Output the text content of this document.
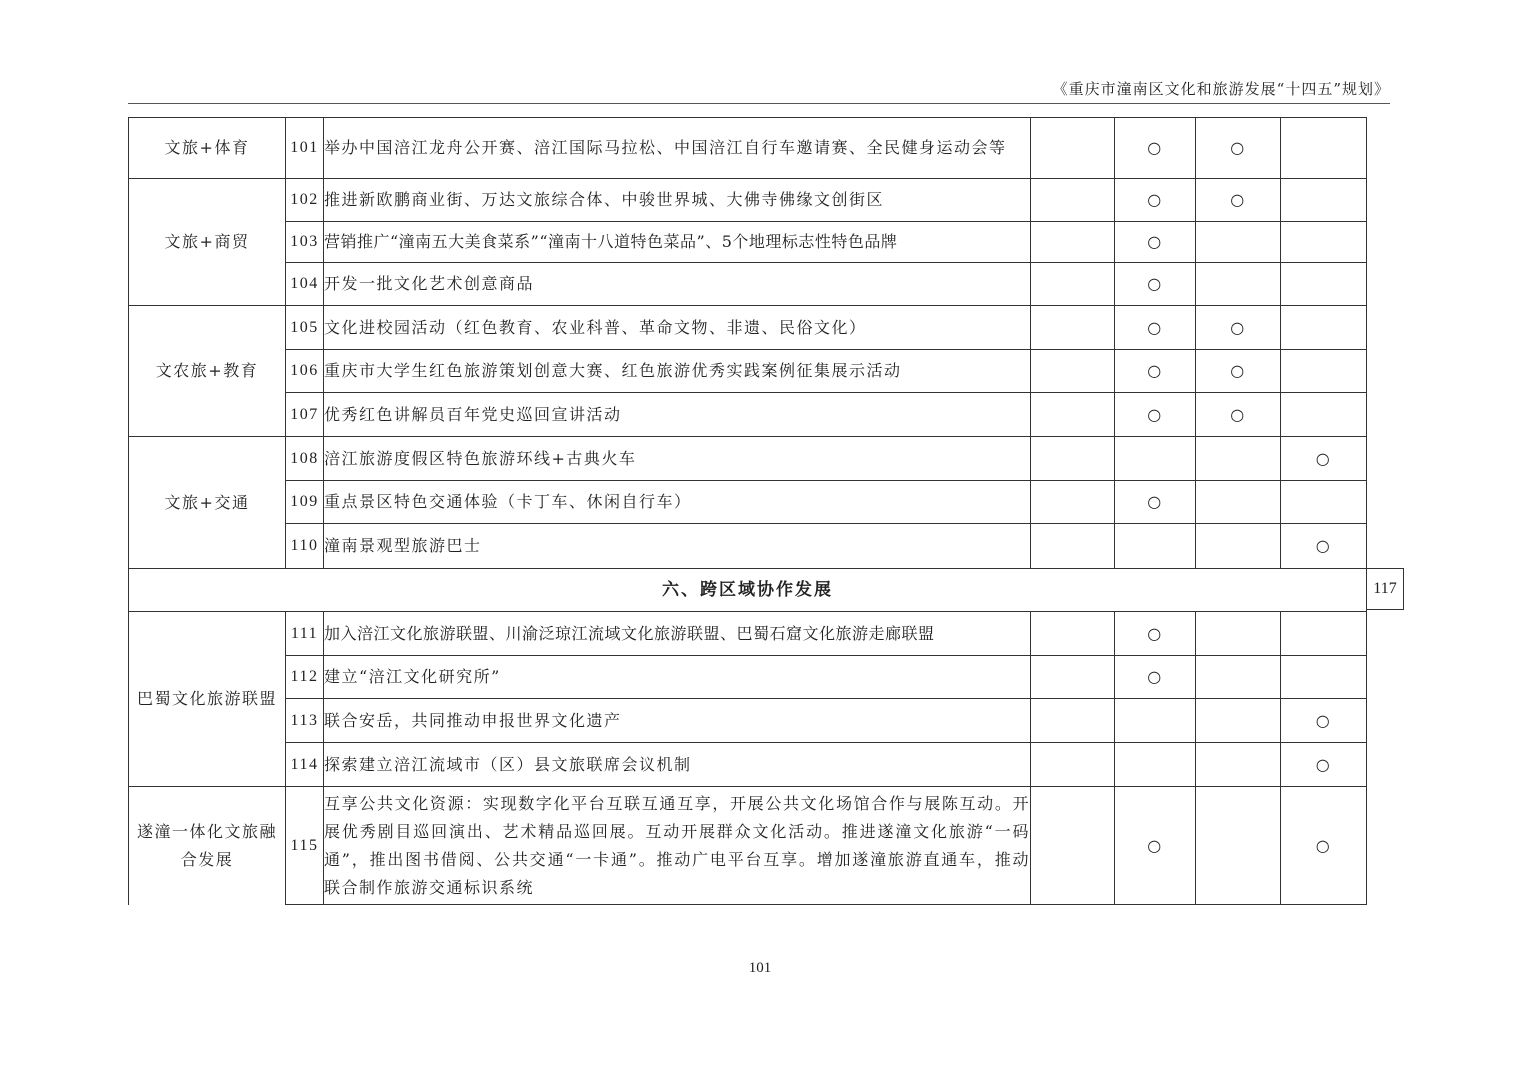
《重庆市潼南区文化和旅游发展“十四五”规划》
文旅+体育	101	举办中国涪江龙舟公开赛、涪江国际马拉松、中国涪江自行车邀请赛、全民健身运动会等		○	○	
文旅+商贸	102	推进新欧鹏商业街、万达文旅综合体、中骏世界城、大佛寺佛缘文创街区		○	○	
	103	营销推广“潼南五大美食菜系”“潼南十八道特色菜品”、5个地理标志性特色品牌		○		
	104	开发一批文化艺术创意商品		○		
文农旅+教育	105	文化进校园活动（红色教育、农业科普、革命文物、非遗、民俗文化）		○	○	
	106	重庆市大学生红色旅游策划创意大赛、红色旅游优秀实践案例征集展示活动		○	○	
	107	优秀红色讲解员百年党史巡回宣讲活动		○	○	
文旅+交通	108	涪江旅游度假区特色旅游环线+古典火车				○
	109	重点景区特色交通体验（卡丁车、休闲自行车）		○		
	110	潼南景观型旅游巴士				○
六、跨区域协作发展						
巴蜀文化旅游联盟	111	加入涪江文化旅游联盟、川渝泛琼江流域文化旅游联盟、巴蜀石窟文化旅游走廊联盟		○		
	112	建立“涪江文化研究所”		○		
	113	联合安岳，共同推动申报世界文化遗产				○
	114	探索建立涪江流域市（区）县文旅联席会议机制				○
遂潼一体化文旅融合发展	115	互享公共文化资源：实现数字化平台互联互通互享，开展公共文化场馆合作与展陈互动。开展优秀剧目巡回演出、艺术精品巡回展。互动开展群众文化活动。推进遂潼文化旅游“一码通”，推出图书借阅、公共交通“一卡通”。推动广电平台互享。增加遂潼旅游直通车，推动联合制作旅游交通标识系统		○		○
117
101
